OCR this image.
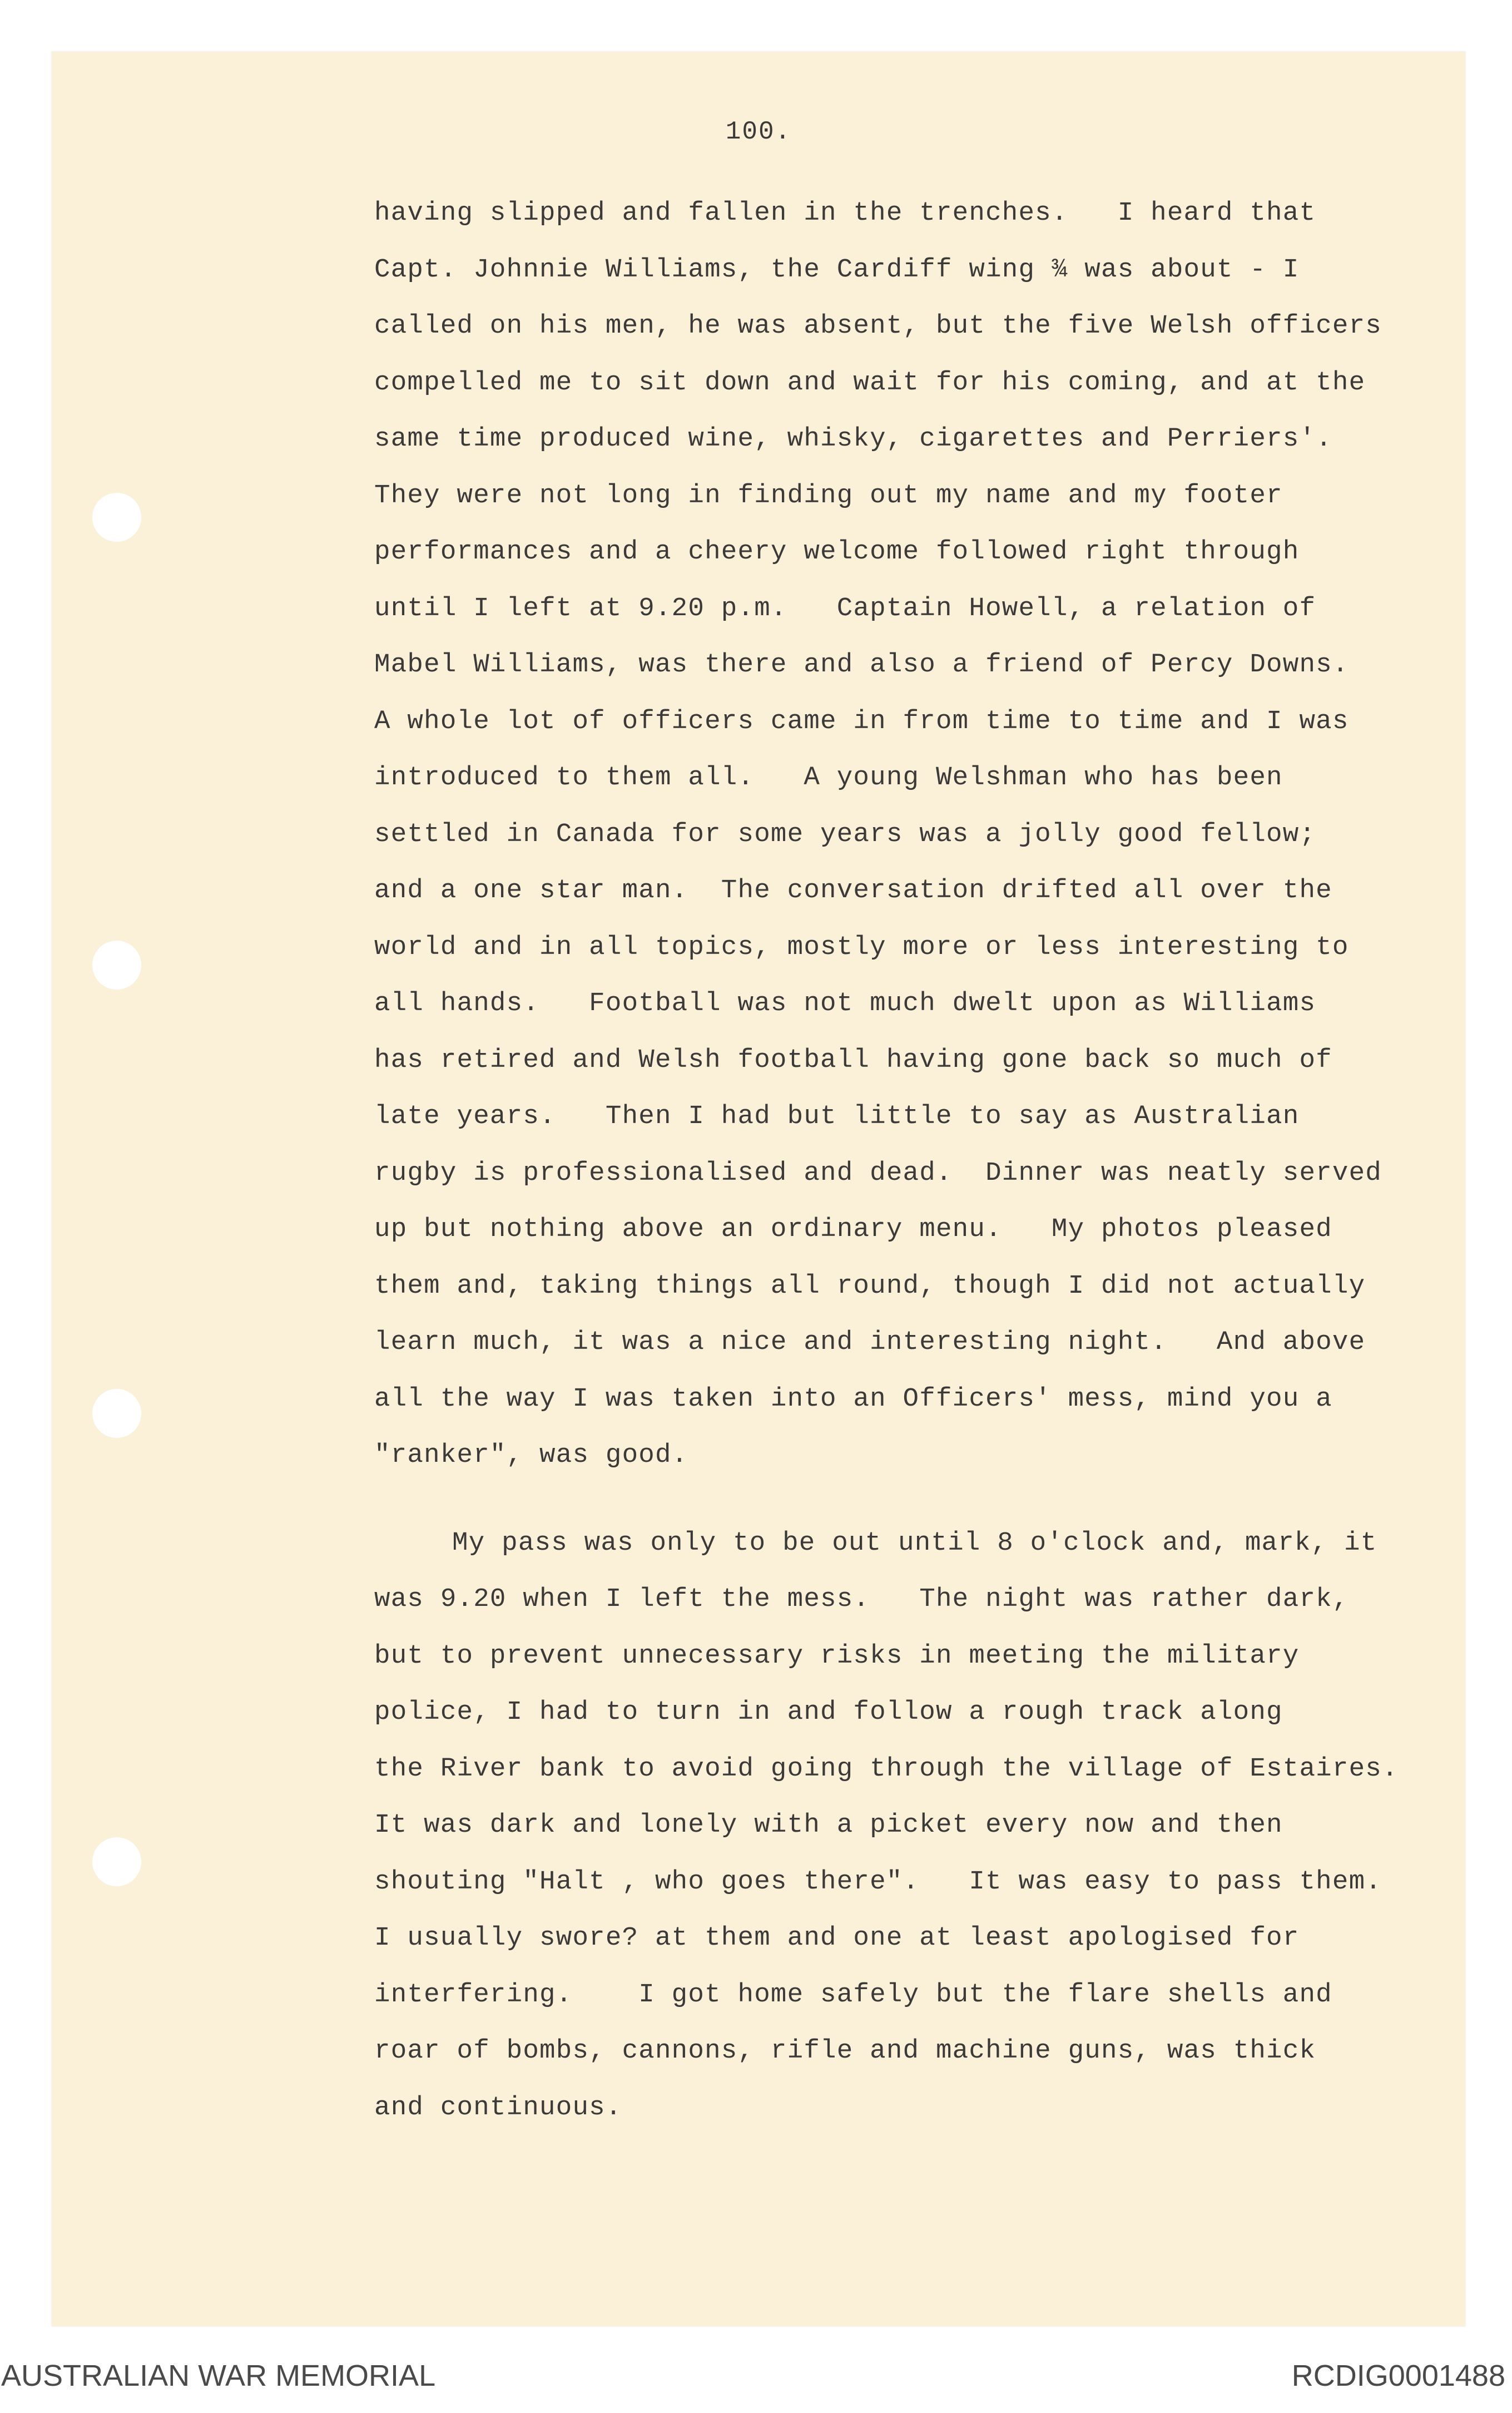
100.
having slipped and fallen in the trenches.   I heard that
Capt. Johnnie Williams, the Cardiff wing ¾ was about - I
called on his men, he was absent, but the five Welsh officers
compelled me to sit down and wait for his coming, and at the
same time produced wine, whisky, cigarettes and Perriers'.
They were not long in finding out my name and my footer
performances and a cheery welcome followed right through
until I left at 9.20 p.m.   Captain Howell, a relation of
Mabel Williams, was there and also a friend of Percy Downs.
A whole lot of officers came in from time to time and I was
introduced to them all.   A young Welshman who has been
settled in Canada for some years was a jolly good fellow;
and a one star man.  The conversation drifted all over the
world and in all topics, mostly more or less interesting to
all hands.   Football was not much dwelt upon as Williams
has retired and Welsh football having gone back so much of
late years.   Then I had but little to say as Australian
rugby is professionalised and dead.  Dinner was neatly served
up but nothing above an ordinary menu.   My photos pleased
them and, taking things all round, though I did not actually
learn much, it was a nice and interesting night.   And above
all the way I was taken into an Officers' mess, mind you a
"ranker", was good.
My pass was only to be out until 8 o'clock and, mark, it
was 9.20 when I left the mess.   The night was rather dark,
but to prevent unnecessary risks in meeting the military
police, I had to turn in and follow a rough track along
the River bank to avoid going through the village of Estaires.
It was dark and lonely with a picket every now and then
shouting "Halt , who goes there".   It was easy to pass them.
I usually swore? at them and one at least apologised for
interfering.    I got home safely but the flare shells and
roar of bombs, cannons, rifle and machine guns, was thick
and continuous.
AUSTRALIAN WAR MEMORIAL	RCDIG0001488
